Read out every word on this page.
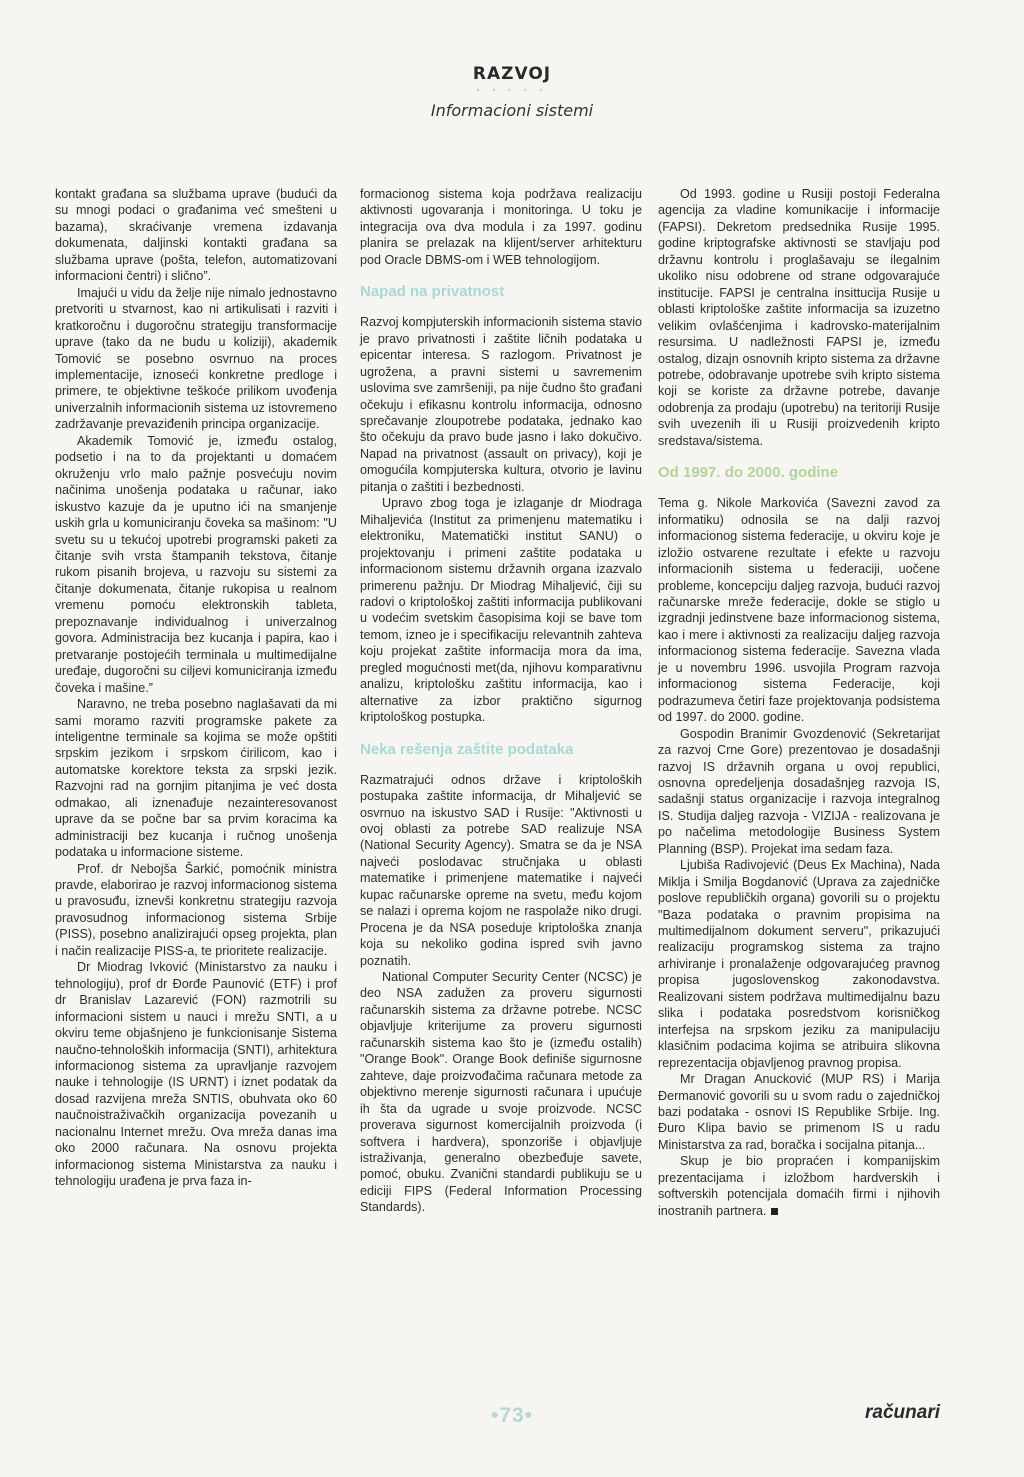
RAZVOJ
• • • • •
Informacioni sistemi

kontakt građana sa službama uprave (budući da su mnogi podaci o građanima već smešteni u bazama), skraćivanje vremena izdavanja dokumenata, daljinski kontakti građana sa službama uprave (pošta, telefon, automatizovani informacioni čentri) i slično”.

Imajući u vidu da želje nije nimalo jednostavno pretvoriti u stvarnost, kao ni artikulisati i razviti i kratkoročnu i dugoročnu strategiju transformacije uprave (tako da ne budu u koliziji), akademik Tomović se posebno osvrnuo na proces implementacije, iznoseći konkretne predloge i primere, te objektivne teškoće prilikom uvođenja univerzalnih informacionih sistema uz istovremeno zadržavanje prevaziđenih principa organizacije.

Akademik Tomović je, između ostalog, podsetio i na to da projektanti u domaćem okruženju vrlo malo pažnje posvećuju novim načinima unošenja podataka u računar, iako iskustvo kazuje da je uputno ići na smanjenje uskih grla u komuniciranju čoveka sa mašinom: "U svetu su u tekućoj upotrebi programski paketi za čitanje svih vrsta štampanih tekstova, čitanje rukom pisanih brojeva, u razvoju su sistemi za čitanje dokumenata, čitanje rukopisa u realnom vremenu pomoću elektronskih tableta, prepoznavanje individualnog i univerzalnog govora. Administracija bez kucanja i papira, kao i pretvaranje postojećih terminala u multimedijalne uređaje, dugoročni su ciljevi komuniciranja između čoveka i mašine.”

Naravno, ne treba posebno naglašavati da mi sami moramo razviti programske pakete za inteligentne terminale sa kojima se može opštiti srpskim jezikom i srpskom ćirilicom, kao i automatske korektore teksta za srpski jezik. Razvojni rad na gornjim pitanjima je već dosta odmakao, ali iznenađuje nezainteresovanost uprave da se počne bar sa prvim koracima ka administraciji bez kucanja i ručnog unošenja podataka u informacione sisteme.

Prof. dr Nebojša Šarkić, pomoćnik ministra pravde, elaborirao je razvoj informacionog sistema u pravosuđu, iznevši konkretnu strategiju razvoja pravosudnog informacionog sistema Srbije (PISS), posebno analizirajući opseg projekta, plan i način realizacije PISS-a, te prioritete realizacije.

Dr Miodrag Ivković (Ministarstvo za nauku i tehnologiju), prof dr Đorđe Paunović (ETF) i prof dr Branislav Lazarević (FON) razmotrili su informacioni sistem u nauci i mrežu SNTI, a u okviru teme objašnjeno je funkcionisanje Sistema naučno-tehnoloških informacija (SNTI), arhitektura informacionog sistema za upravljanje razvojem nauke i tehnologije (IS URNT) i iznet podatak da dosad razvijena mreža SNTIS, obuhvata oko 60 naučnoistraživačkih organizacija povezanih u nacionalnu Internet mrežu. Ova mreža danas ima oko 2000 računara. Na osnovu projekta informacionog sistema Ministarstva za nauku i tehnologiju urađena je prva faza in-

formacionog sistema koja podržava realizaciju aktivnosti ugovaranja i monitoringa. U toku je integracija ova dva modula i za 1997. godinu planira se prelazak na klijent/server arhitekturu pod Oracle DBMS-om i WEB tehnologijom.

Napad na privatnost

Razvoj kompjuterskih informacionih sistema stavio je pravo privatnosti i zaštite ličnih podataka u epicentar interesa. S razlogom. Privatnost je ugrožena, a pravni sistemi u savremenim uslovima sve zamršeniji, pa nije čudno što građani očekuju i efikasnu kontrolu informacija, odnosno sprečavanje zloupotrebe podataka, jednako kao što očekuju da pravo bude jasno i lako dokučivo. Napad na privatnost (assault on privacy), koji je omogućila kompjuterska kultura, otvorio je lavinu pitanja o zaštiti i bezbednosti.

Upravo zbog toga je izlaganje dr Miodraga Mihaljevića (Institut za primenjenu matematiku i elektroniku, Matematički institut SANU) o projektovanju i primeni zaštite podataka u informacionom sistemu državnih organa izazvalo primerenu pažnju. Dr Miodrag Mihaljević, čiji su radovi o kriptološkoj zaštiti informacija publikovani u vodećim svetskim časopisima koji se bave tom temom, izneo je i specifikaciju relevantnih zahteva koju projekat zaštite informacija mora da ima, pregled mogućnosti met(da, njihovu komparativnu analizu, kriptološku zaštitu informacija, kao i alternative za izbor praktično sigurnog kriptološkog postupka.

Neka rešenja zaštite podataka

Razmatrajući odnos države i kriptoloških postupaka zaštite informacija, dr Mihaljević se osvrnuo na iskustvo SAD i Rusije: "Aktivnosti u ovoj oblasti za potrebe SAD realizuje NSA (National Security Agency). Smatra se da je NSA najveći poslodavac stručnjaka u oblasti matematike i primenjene matematike i najveći kupac računarske opreme na svetu, među kojom se nalazi i oprema kojom ne raspolaže niko drugi. Procena je da NSA poseduje kriptološka znanja koja su nekoliko godina ispred svih javno poznatih.

National Computer Security Center (NCSC) je deo NSA zadužen za proveru sigurnosti računarskih sistema za državne potrebe. NCSC objavljuje kriterijume za proveru sigurnosti računarskih sistema kao što je (između ostalih) "Orange Book". Orange Book definiše sigurnosne zahteve, daje proizvođačima računara metode za objektivno merenje sigurnosti računara i upućuje ih šta da ugrade u svoje proizvode. NCSC proverava sigurnost komercijalnih proizvoda (i softvera i hardvera), sponzoriše i objavljuje istraživanja, generalno obezbeđuje savete, pomoć, obuku. Zvanični standardi publikuju se u ediciji FIPS (Federal Information Processing Standards).

Od 1993. godine u Rusiji postoji Federalna agencija za vladine komunikacije i informacije (FAPSI). Dekretom predsednika Rusije 1995. godine kriptografske aktivnosti se stavljaju pod državnu kontrolu i proglašavaju se ilegalnim ukoliko nisu odobrene od strane odgovarajuće institucije. FAPSI je centralna insittucija Rusije u oblasti kriptološke zaštite informacija sa izuzetno velikim ovlašćenjima i kadrovsko-materijalnim resursima. U nadležnosti FAPSI je, između ostalog, dizajn osnovnih kripto sistema za državne potrebe, odobravanje upotrebe svih kripto sistema koji se koriste za državne potrebe, davanje odobrenja za prodaju (upotrebu) na teritoriji Rusije svih uvezenih ili u Rusiji proizvedenih kripto sredstava/sistema.

Od 1997. do 2000. godine

Tema g. Nikole Markovića (Savezni zavod za informatiku) odnosila se na dalji razvoj informacionog sistema federacije, u okviru koje je izložio ostvarene rezultate i efekte u razvoju informacionih sistema u federaciji, uočene probleme, koncepciju daljeg razvoja, budući razvoj računarske mreže federacije, dokle se stiglo u izgradnji jedinstvene baze informacionog sistema, kao i mere i aktivnosti za realizaciju daljeg razvoja informacionog sistema federacije. Savezna vlada je u novembru 1996. usvojila Program razvoja informacionog sistema Federacije, koji podrazumeva četiri faze projektovanja podsistema od 1997. do 2000. godine.

Gospodin Branimir Gvozdenović (Sekretarijat za razvoj Crne Gore) prezentovao je dosadašnji razvoj IS državnih organa u ovoj republici, osnovna opredeljenja dosadašnjeg razvoja IS, sadašnji status organizacije i razvoja integralnog IS. Studija daljeg razvoja - VIZIJA - realizovana je po načelima metodologije Business System Planning (BSP). Projekat ima sedam faza.

Ljubiša Radivojević (Deus Ex Machina), Nada Miklja i Smilja Bogdanović (Uprava za zajedničke poslove republičkih organa) govorili su o projektu "Baza podataka o pravnim propisima na multimedijalnom dokument serveru", prikazujući realizaciju programskog sistema za trajno arhiviranje i pronalaženje odgovarajućeg pravnog propisa jugoslovenskog zakonodavstva. Realizovani sistem podržava multimedijalnu bazu slika i podataka posredstvom korisničkog interfejsa na srpskom jeziku za manipulaciju klasičnim podacima kojima se atribuira slikovna reprezentacija objavljenog pravnog propisa.

Mr Dragan Anucković (MUP RS) i Marija Đermanović govorili su u svom radu o zajedničkoj bazi podataka - osnovi IS Republike Srbije. Ing. Đuro Klipa bavio se primenom IS u radu Ministarstva za rad, boračka i socijalna pitanja...

Skup je bio propraćen i kompanijskim prezentacijama i izložbom hardverskih i softverskih potencijala domaćih firmi i njihovih inostranih partnera.

•73•	računari
